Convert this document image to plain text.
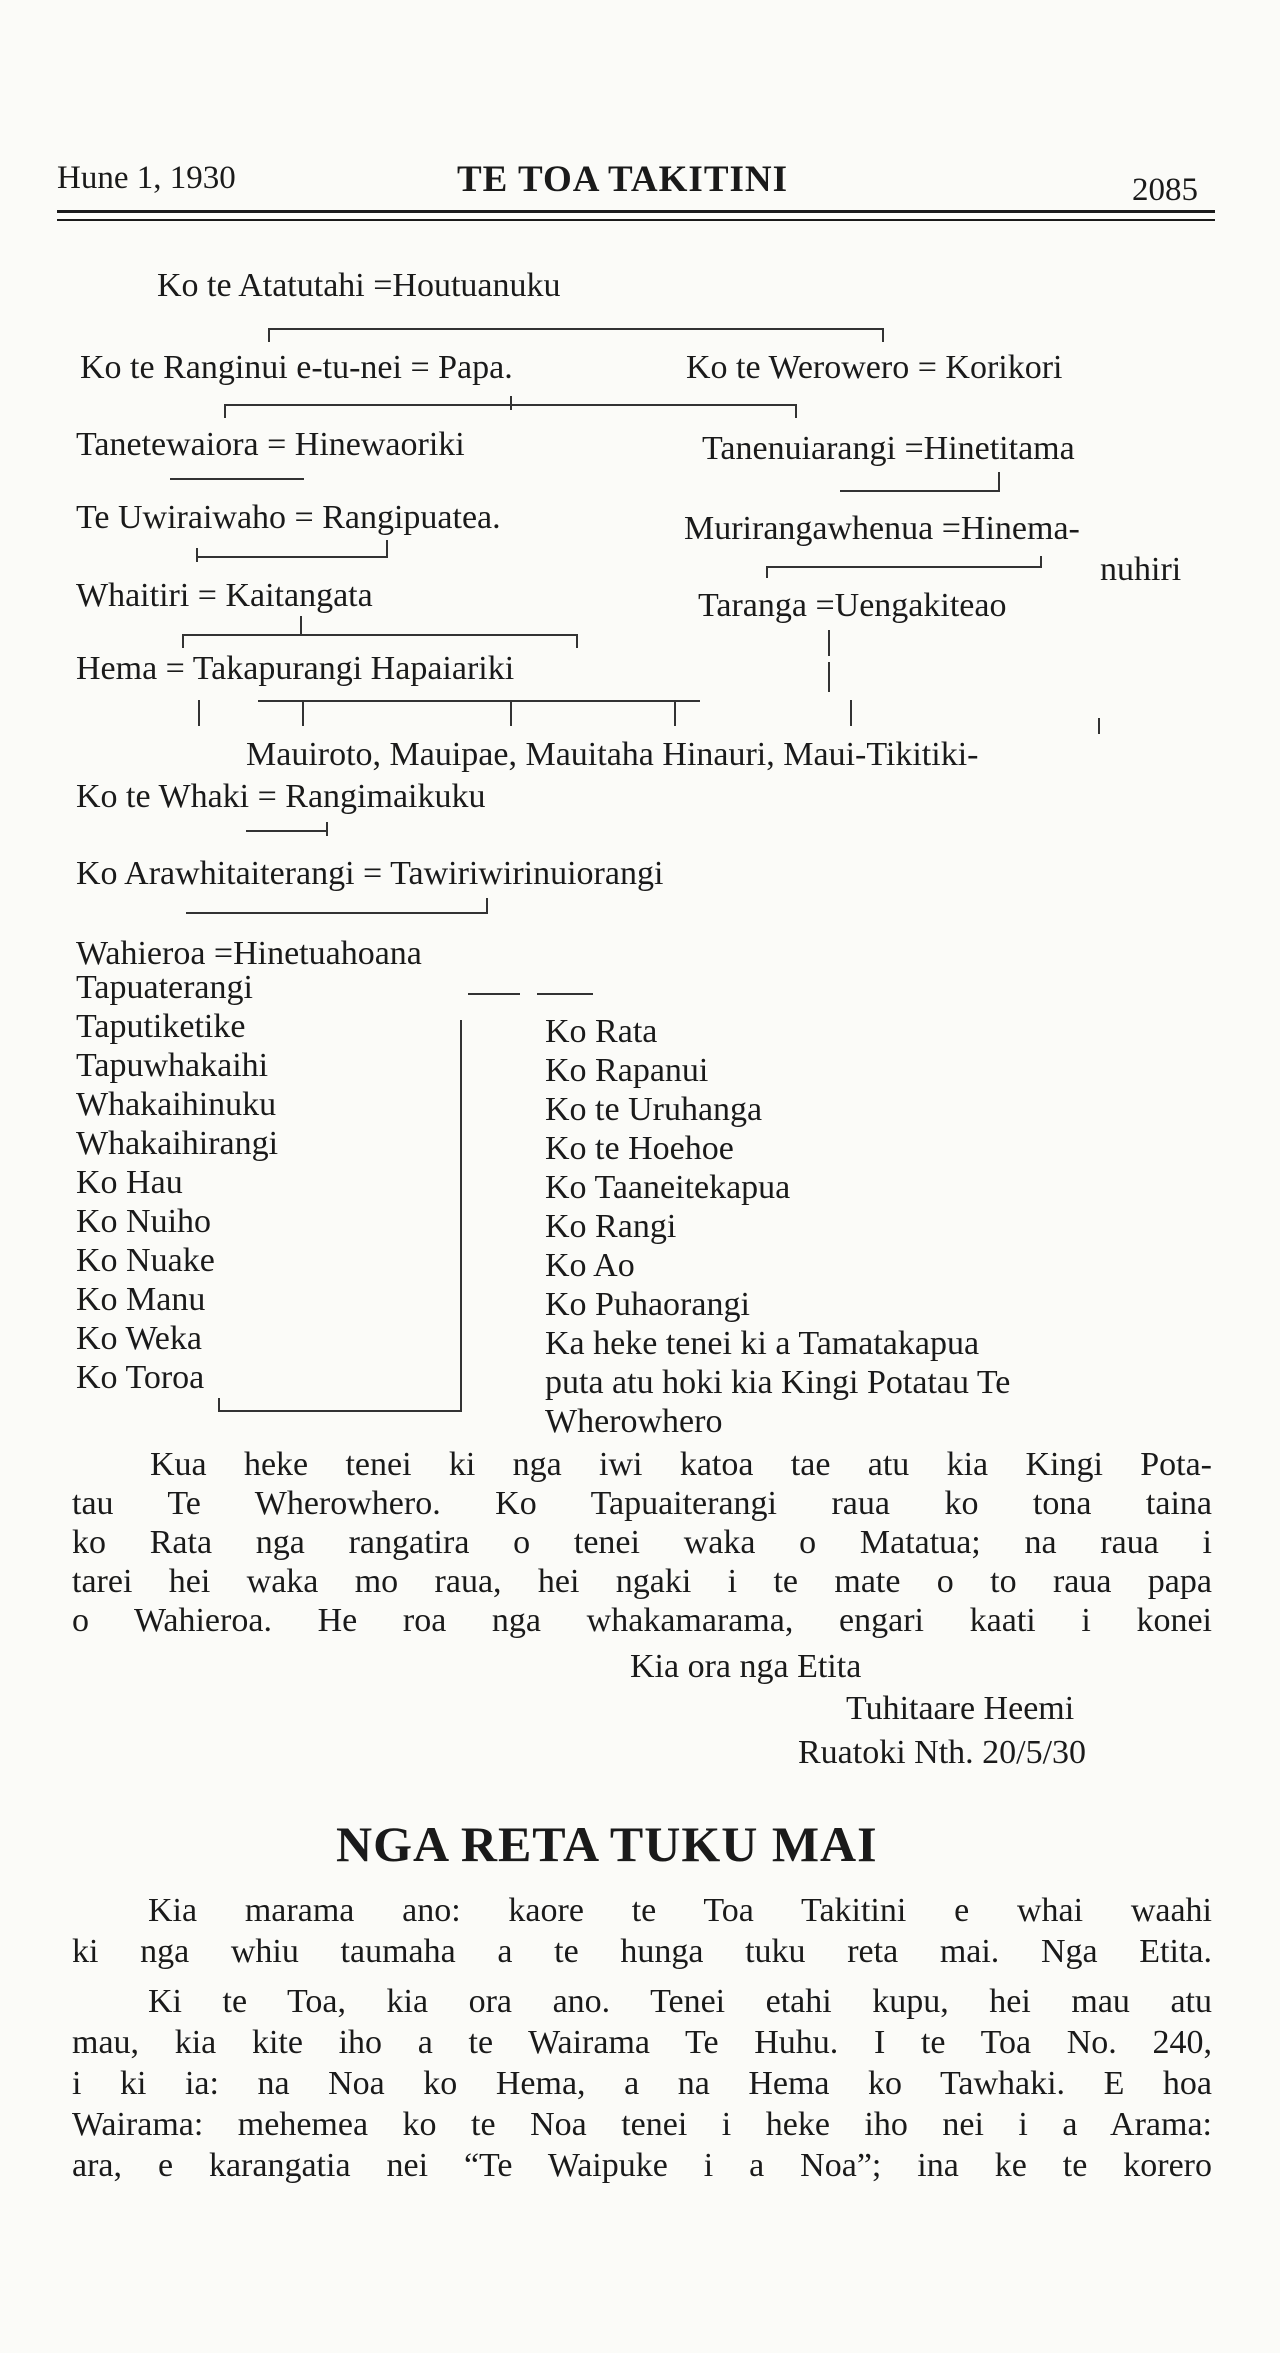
Hune 1, 1930	TE TOA TAKITINI	2085
Ko te Atatutahi =Houtuanuku
Ko te Ranginui e-tu-nei = Papa.	Ko te Werowero = Korikori
Tanetewaiora = Hinewaoriki	Tanenuiarangi =Hinetitama
Te Uwiraiwaho = Rangipuatea.	Murirangawhenua =Hinema-
nuhiri
Whaitiri = Kaitangata	Taranga =Uengakiteao
Hema = Takapurangi Hapaiariki
Mauiroto, Mauipae, Mauitaha Hinauri, Maui-Tikitiki-
Ko te Whaki = Rangimaikuku
Ko Arawhitaiterangi = Tawiriwirinuiorangi
Wahieroa =Hinetuahoana
Tapuaterangi
Taputiketike
Tapuwhakaihi
Whakaihinuku
Whakaihirangi
Ko Hau
Ko Nuiho
Ko Nuake
Ko Manu
Ko Weka
Ko Toroa
Ko Rata
Ko Rapanui
Ko te Uruhanga
Ko te Hoehoe
Ko Taaneitekapua
Ko Rangi
Ko Ao
Ko Puhaorangi
Ka heke tenei ki a Tamatakapua
puta atu hoki kia Kingi Potatau Te
Wherowhero
Kua heke tenei ki nga iwi katoa tae atu kia Kingi Pota-
tau Te Wherowhero. Ko Tapuaiterangi raua ko tona taina
ko Rata nga rangatira o tenei waka o Matatua; na raua i
tarei hei waka mo raua, hei ngaki i te mate o to raua papa
o Wahieroa. He roa nga whakamarama, engari kaati i konei
Kia ora nga Etita
Tuhitaare Heemi
Ruatoki Nth. 20/5/30
NGA RETA TUKU MAI
Kia marama ano: kaore te Toa Takitini e whai waahi
ki nga whiu taumaha a te hunga tuku reta mai. Nga Etita.
Ki te Toa, kia ora ano. Tenei etahi kupu, hei mau atu
mau, kia kite iho a te Wairama Te Huhu. I te Toa No. 240,
i ki ia: na Noa ko Hema, a na Hema ko Tawhaki. E hoa
Wairama: mehemea ko te Noa tenei i heke iho nei i a Arama:
ara, e karangatia nei “Te Waipuke i a Noa”; ina ke te korero
